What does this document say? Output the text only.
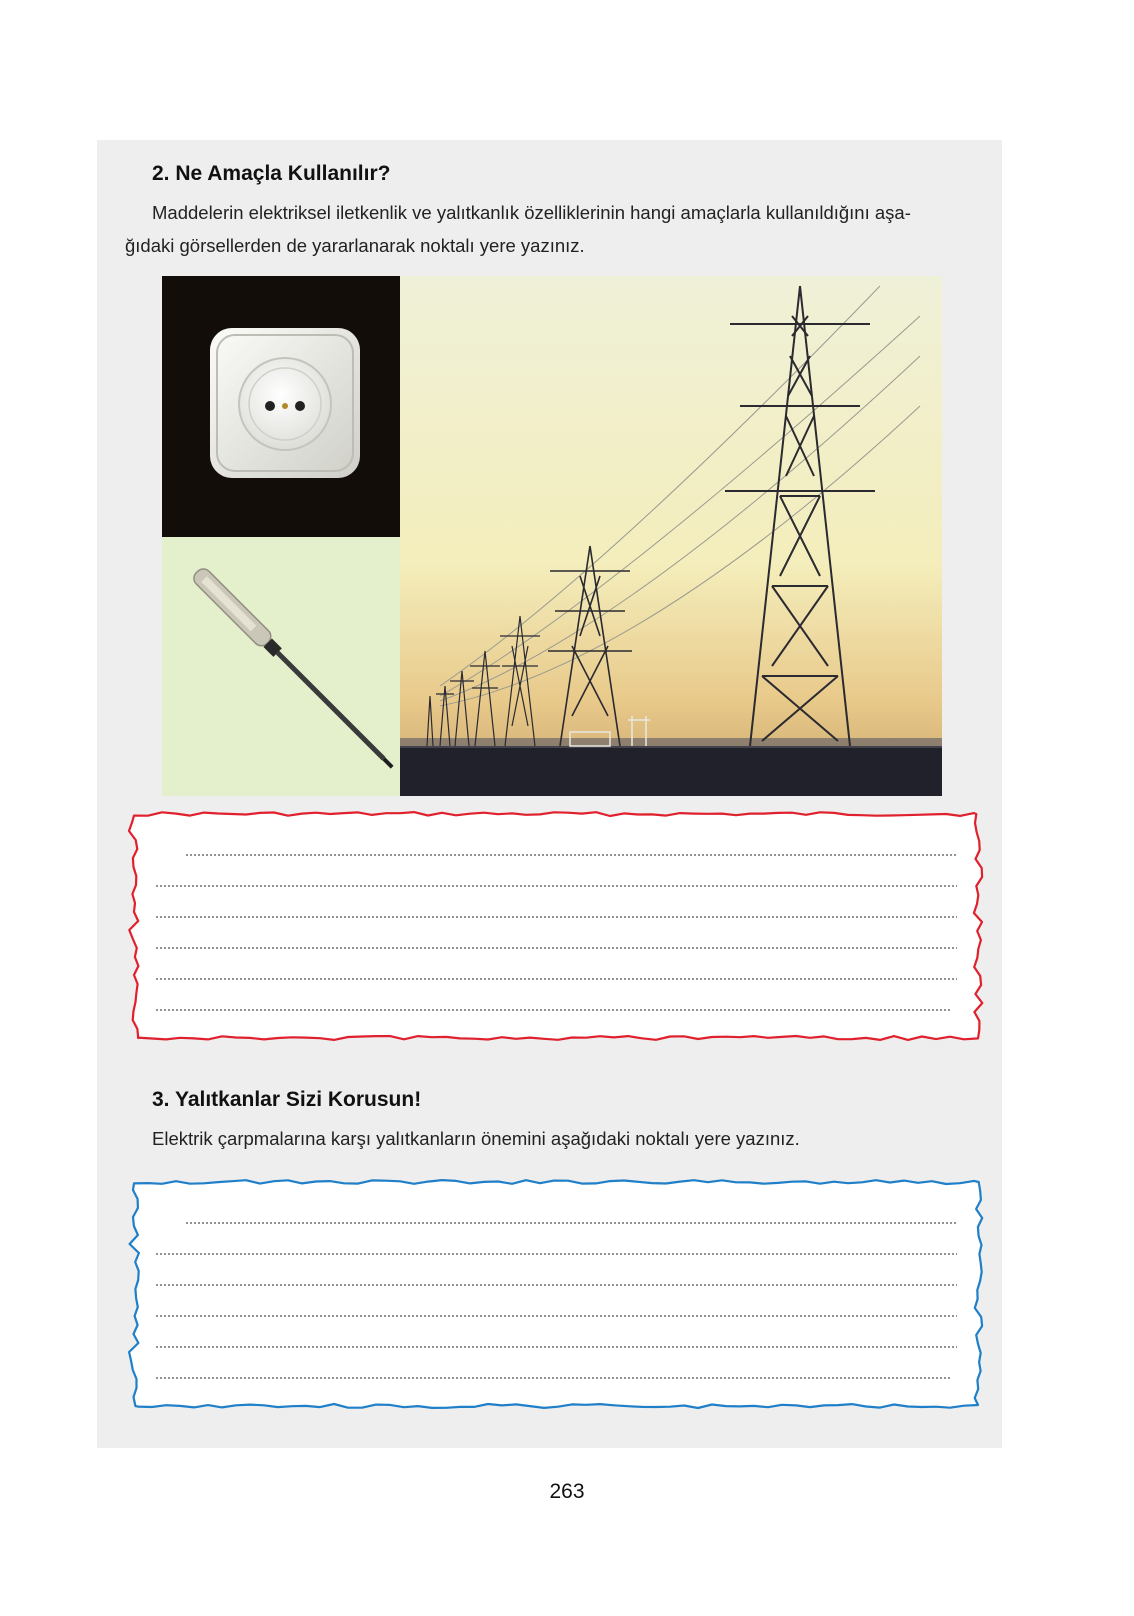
2. Ne Amaçla Kullanılır?
Maddelerin elektriksel iletkenlik ve yalıtkanlık özelliklerinin hangi amaçlarla kullanıldığını aşa-
ğıdaki görsellerden de yararlanarak noktalı yere yazınız.
3. Yalıtkanlar Sizi Korusun!
Elektrik çarpmalarına karşı yalıtkanların önemini aşağıdaki noktalı yere yazınız.
263
